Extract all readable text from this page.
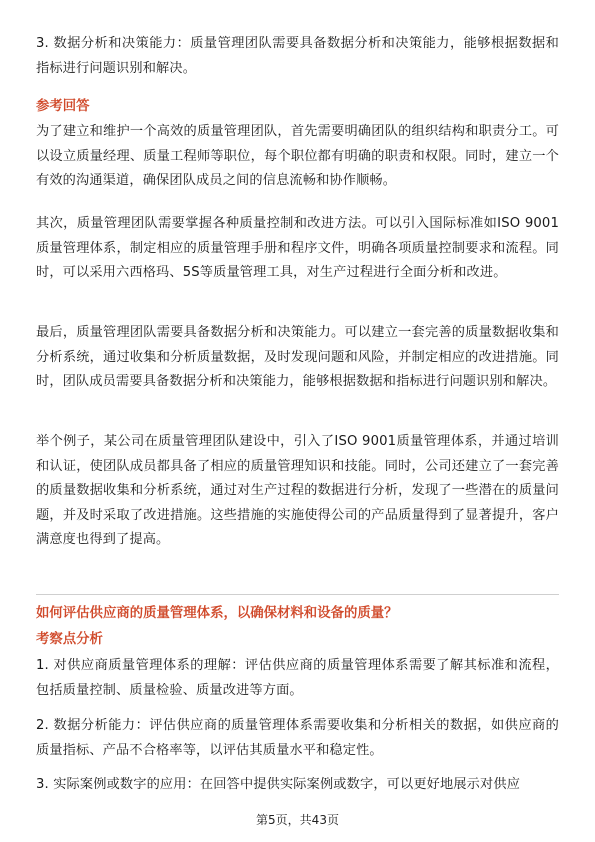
3. 数据分析和决策能力：质量管理团队需要具备数据分析和决策能力，能够根据数据和指标进行问题识别和解决。

参考回答

为了建立和维护一个高效的质量管理团队，首先需要明确团队的组织结构和职责分工。可以设立质量经理、质量工程师等职位，每个职位都有明确的职责和权限。同时，建立一个有效的沟通渠道，确保团队成员之间的信息流畅和协作顺畅。

其次，质量管理团队需要掌握各种质量控制和改进方法。可以引入国际标准如ISO 9001质量管理体系，制定相应的质量管理手册和程序文件，明确各项质量控制要求和流程。同时，可以采用六西格玛、5S等质量管理工具，对生产过程进行全面分析和改进。

最后，质量管理团队需要具备数据分析和决策能力。可以建立一套完善的质量数据收集和分析系统，通过收集和分析质量数据，及时发现问题和风险，并制定相应的改进措施。同时，团队成员需要具备数据分析和决策能力，能够根据数据和指标进行问题识别和解决。

举个例子，某公司在质量管理团队建设中，引入了ISO 9001质量管理体系，并通过培训和认证，使团队成员都具备了相应的质量管理知识和技能。同时，公司还建立了一套完善的质量数据收集和分析系统，通过对生产过程的数据进行分析，发现了一些潜在的质量问题，并及时采取了改进措施。这些措施的实施使得公司的产品质量得到了显著提升，客户满意度也得到了提高。

如何评估供应商的质量管理体系，以确保材料和设备的质量？
考察点分析

1. 对供应商质量管理体系的理解：评估供应商的质量管理体系需要了解其标准和流程，包括质量控制、质量检验、质量改进等方面。

2. 数据分析能力：评估供应商的质量管理体系需要收集和分析相关的数据，如供应商的质量指标、产品不合格率等，以评估其质量水平和稳定性。

3. 实际案例或数字的应用：在回答中提供实际案例或数字，可以更好地展示对供应

第5页，共43页
